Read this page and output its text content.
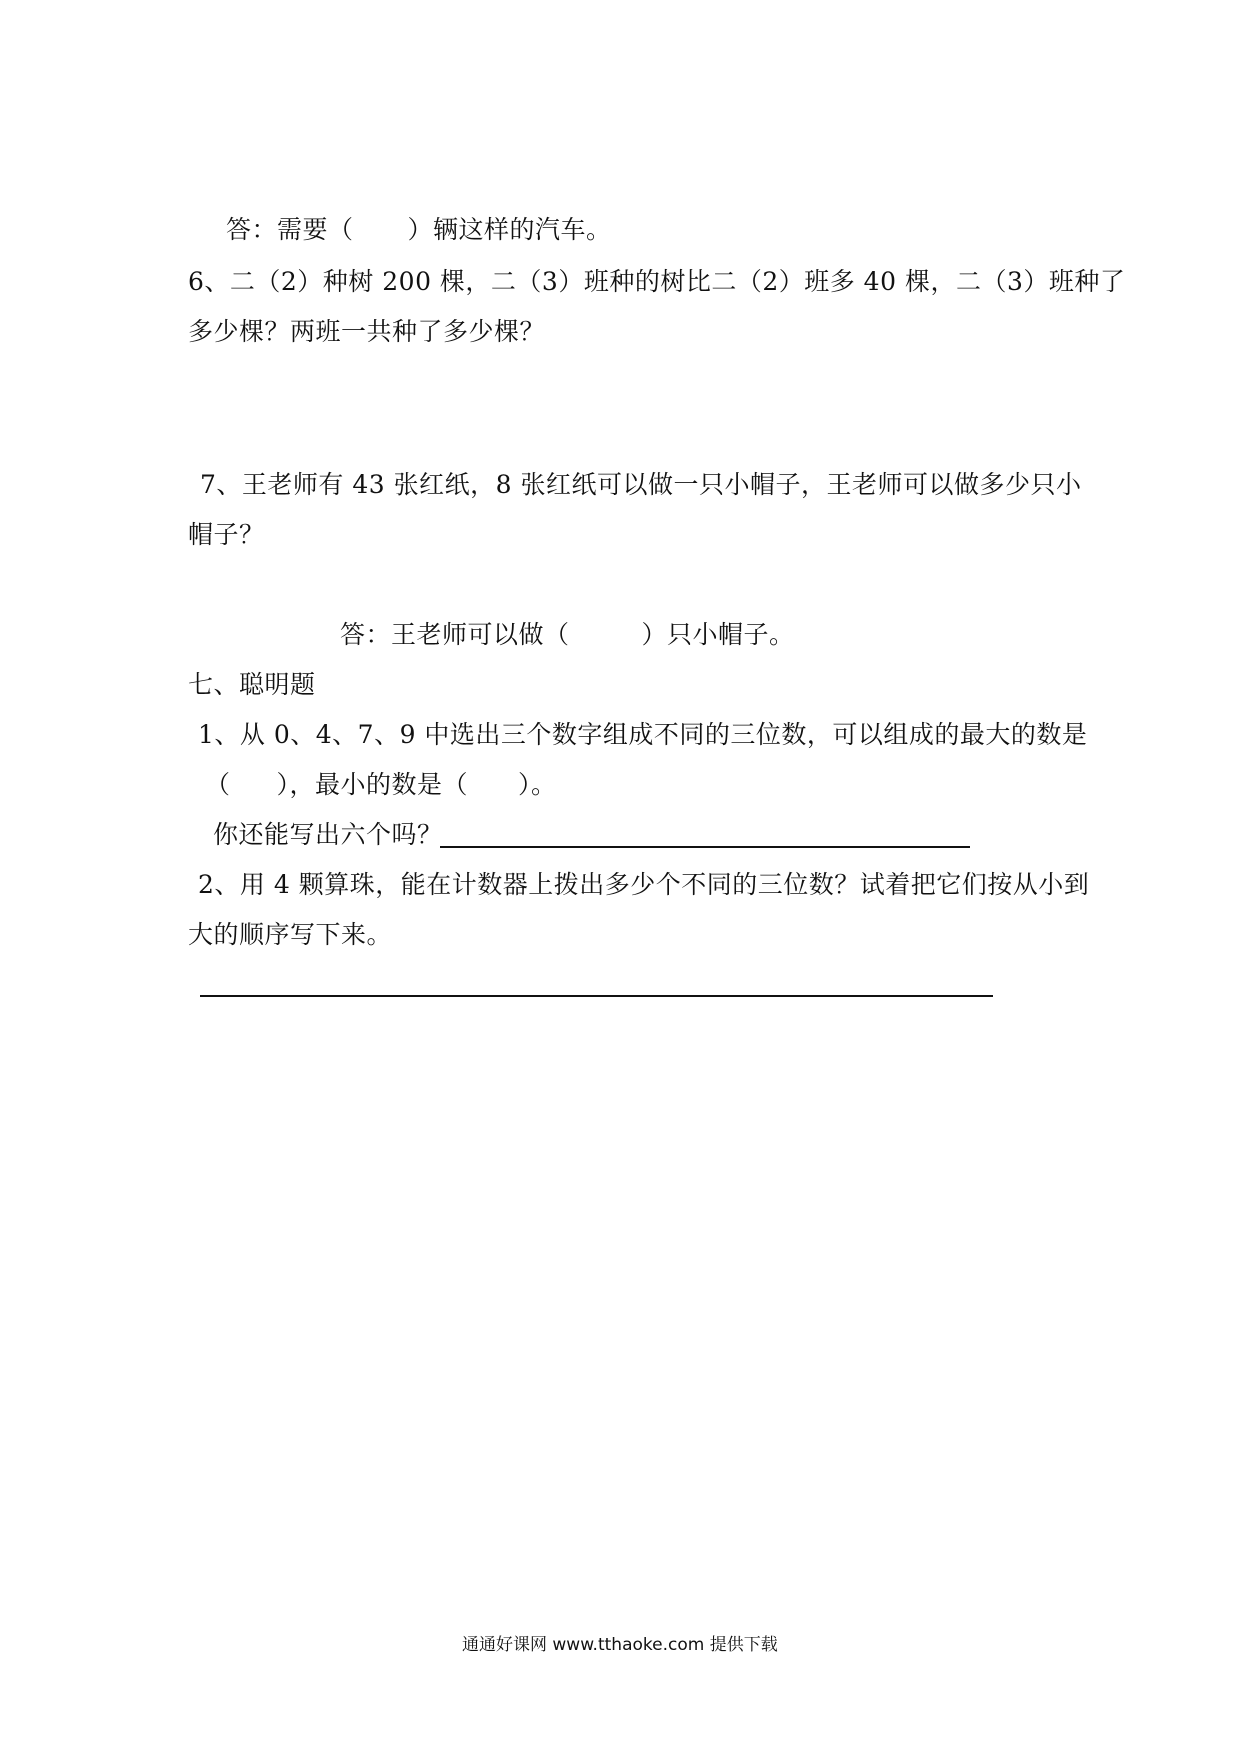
答：需要（ ）辆这样的汽车。
6、二（2）种树 200 棵，二（3）班种的树比二（2）班多 40 棵，二（3）班种了
多少棵？两班一共种了多少棵？
7、王老师有 43 张红纸，8 张红纸可以做一只小帽子，王老师可以做多少只小
帽子？
答：王老师可以做（	）只小帽子。
七、聪明题
1、从 0、4、7、9 中选出三个数字组成不同的三位数，可以组成的最大的数是
（ ），最小的数是（ ）。
你还能写出六个吗？
2、用 4 颗算珠，能在计数器上拨出多少个不同的三位数？试着把它们按从小到
大的顺序写下来。
通通好课网 www.tthaoke.com 提供下载
